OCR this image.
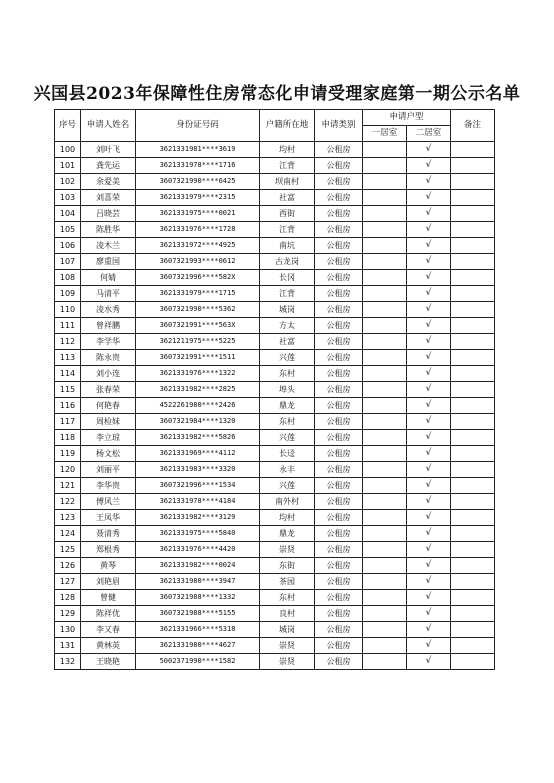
兴国县2023年保障性住房常态化申请受理家庭第一期公示名单
序号	申请人姓名	身份证号码	户籍所在地	申请类别	申请户型		备注
					一居室	二居室	
100	刘叶飞	3621331981****3619	均村	公租房		√	
101	龚先运	3621331978****1716	江背	公租房		√	
102	余爱美	3607321990****6425	坝南村	公租房		√	
103	刘喜荣	3621331979****2315	社富	公租房		√	
104	吕晓芸	3621331975****0021	西街	公租房		√	
105	陈胜华	3621331976****1728	江背	公租房		√	
106	凌木兰	3621331972****4925	南坑	公租房		√	
107	廖重国	3607321993****0612	古龙岗	公租房		√	
108	何婧	3607321996****582X	长冈	公租房		√	
109	马清平	3621331979****1715	江背	公租房		√	
110	凌水秀	3607321990****5362	城岗	公租房		√	
111	曾祥鹏	3607321991****563X	方太	公租房		√	
112	李学华	3621211975****5225	社富	公租房		√	
113	陈永贵	3607321991****1511	兴莲	公租房		√	
114	刘小连	3621331976****1322	东村	公租房		√	
115	张春荣	3621331982****2825	埠头	公租房		√	
116	何艳春	4522261980****2426	鼎龙	公租房		√	
117	周检妹	3607321984****1320	东村	公租房		√	
118	李立琼	3621331982****5826	兴莲	公租房		√	
119	杨文松	3621331969****4112	长迳	公租房		√	
120	刘丽平	3621331983****3320	永丰	公租房		√	
121	李华贵	3607321996****1534	兴莲	公租房		√	
122	傅风兰	3621331978****4184	南外村	公租房		√	
123	王凤华	3621331982****3129	均村	公租房		√	
124	聂清秀	3621331975****5840	鼎龙	公租房		√	
125	郑根秀	3621331976****4420	崇贤	公租房		√	
126	黄琴	3621331982****0024	东街	公租房		√	
127	刘艳眉	3621331980****3947	茶园	公租房		√	
128	曾健	3607321988****1332	东村	公租房		√	
129	陈祥优	3607321988****5155	良村	公租房		√	
130	李又春	3621331966****5318	城岗	公租房		√	
131	黄林英	3621331980****4627	崇贤	公租房		√	
132	王晓艳	5002371990****1582	崇贤	公租房		√	
